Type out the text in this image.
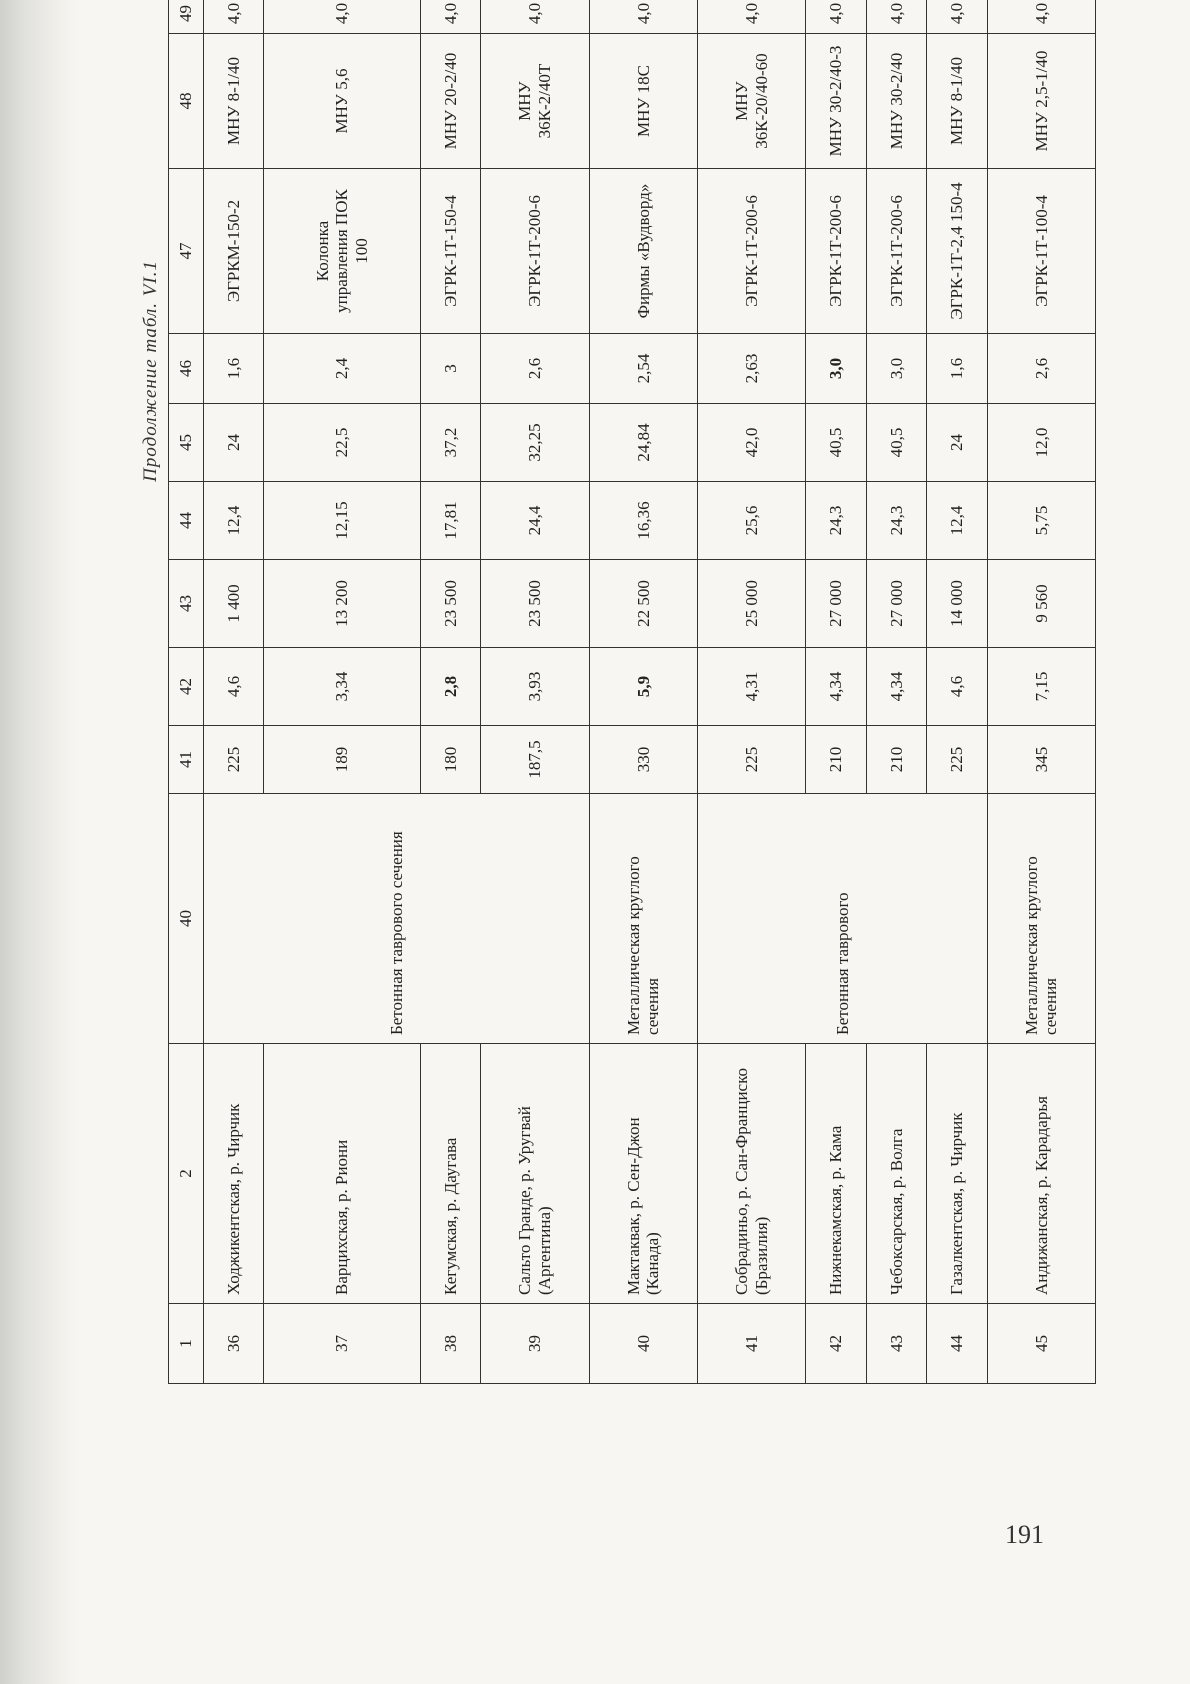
Продолжение табл. VI.1
1	2	40	41	42	43	44	45	46	47	48	49
36	Ходжикентская, р. Чирчик	Бетонная таврового сечения	225	4,6	1 400	12,4	24	1,6	ЭГРКМ-150-2	МНУ 8-1/40	4,0
37	Варцихская, р. Риони		189	3,34	13 200	12,15	22,5	2,4	Колонка управления ПОК 100	МНУ 5,6	4,0
38	Кегумская, р. Даугава		180	2,8	23 500	17,81	37,2	3	ЭГРК-1Т-150-4	МНУ 20-2/40	4,0
39	Сальто Гранде, р. Уругвай (Аргентина)		187,5	3,93	23 500	24,4	32,25	2,6	ЭГРК-1Т-200-6	МНУ 36К-2/40Т	4,0
40	Мактаквак, р. Сен-Джон (Канада)	Металлическая круглого сечения	330	5,9	22 500	16,36	24,84	2,54	Фирмы «Вудворд»	МНУ 18С	4,0
41	Собрадиньо, р. Сан-Франциско (Бразилия)	Бетонная таврового	225	4,31	25 000	25,6	42,0	2,63	ЭГРК-1Т-200-6	МНУ 36К-20/40-60	4,0
42	Нижнекамская, р. Кама		210	4,34	27 000	24,3	40,5	3,0	ЭГРК-1Т-200-6	МНУ 30-2/40-3	4,0
43	Чебоксарская, р. Волга		210	4,34	27 000	24,3	40,5	3,0	ЭГРК-1Т-200-6	МНУ 30-2/40	4,0
44	Газалкентская, р. Чирчик		225	4,6	14 000	12,4	24	1,6	ЭГРК-1Т-2,4 150-4	МНУ 8-1/40	4,0
45	Андижанская, р. Карадарья	Металлическая круглого сечения	345	7,15	9 560	5,75	12,0	2,6	ЭГРК-1Т-100-4	МНУ 2,5-1/40	4,0
191
